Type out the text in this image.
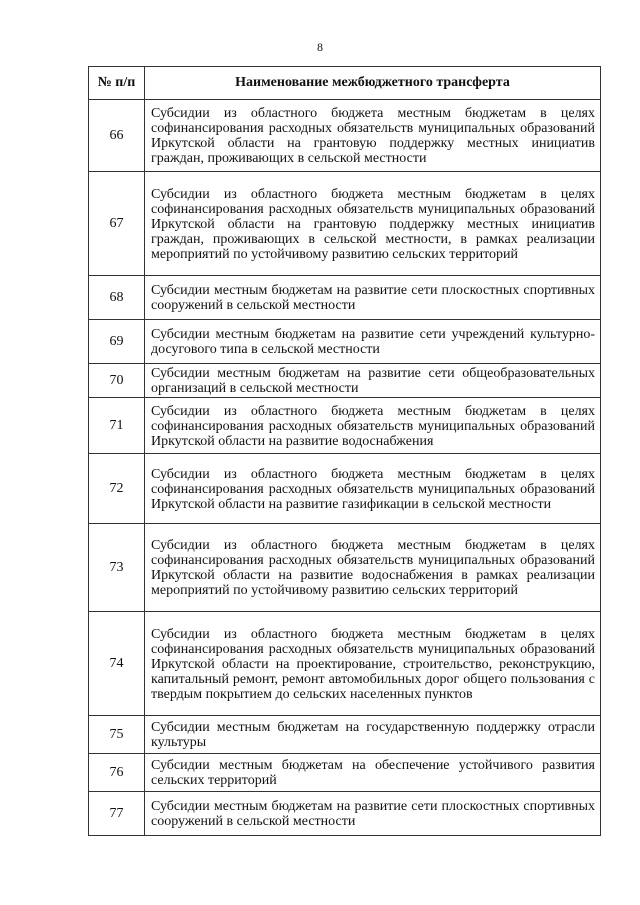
8
№ п/п	Наименование межбюджетного трансферта
66	Субсидии из областного бюджета местным бюджетам в целях софинансирования расходных обязательств муниципальных образований Иркутской области на грантовую поддержку местных инициатив граждан, проживающих в сельской местности
67	Субсидии из областного бюджета местным бюджетам в целях софинансирования расходных обязательств муниципальных образований Иркутской области на грантовую поддержку местных инициатив граждан, проживающих в сельской местности, в рамках реализации мероприятий по устойчивому развитию сельских территорий
68	Субсидии местным бюджетам на развитие сети плоскостных спортивных сооружений в сельской местности
69	Субсидии местным бюджетам на развитие сети учреждений культурно-досугового типа в сельской местности
70	Субсидии местным бюджетам на развитие сети общеобразовательных организаций в сельской местности
71	Субсидии из областного бюджета местным бюджетам в целях софинансирования расходных обязательств муниципальных образований Иркутской области на развитие водоснабжения
72	Субсидии из областного бюджета местным бюджетам в целях софинансирования расходных обязательств муниципальных образований Иркутской области на развитие газификации в сельской местности
73	Субсидии из областного бюджета местным бюджетам в целях софинансирования расходных обязательств муниципальных образований Иркутской области на развитие водоснабжения в рамках реализации мероприятий по устойчивому развитию сельских территорий
74	Субсидии из областного бюджета местным бюджетам в целях софинансирования расходных обязательств муниципальных образований Иркутской области на проектирование, строительство, реконструкцию, капитальный ремонт, ремонт автомобильных дорог общего пользования с твердым покрытием до сельских населенных пунктов
75	Субсидии местным бюджетам на государственную поддержку отрасли культуры
76	Субсидии местным бюджетам на обеспечение устойчивого развития сельских территорий
77	Субсидии местным бюджетам на развитие сети плоскостных спортивных сооружений в сельской местности
